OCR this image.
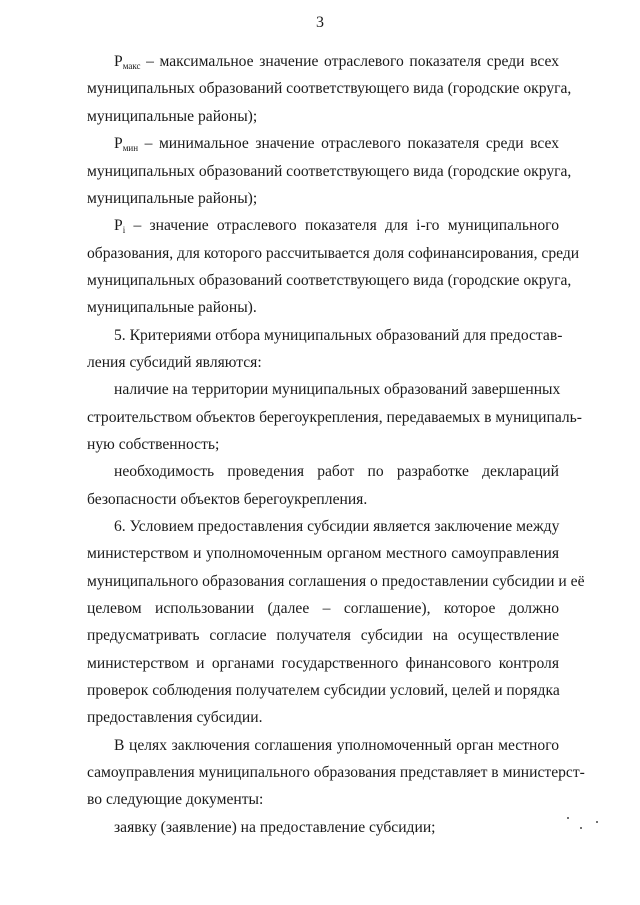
3
$P_{макс}$ – максимальное значение отраслевого показателя среди всех
муниципальных образований соответствующего вида (городские округа,
муниципальные районы);
$P_{мин}$ – минимальное значение отраслевого показателя среди всех
муниципальных образований соответствующего вида (городские округа,
муниципальные районы);
$P_i$ – значение отраслевого показателя для i-го муниципального
образования, для которого рассчитывается доля софинансирования, среди
муниципальных образований соответствующего вида (городские округа,
муниципальные районы).
5. Критериями отбора муниципальных образований для предостав-
ления субсидий являются:
наличие на территории муниципальных образований завершенных
строительством объектов берегоукрепления, передаваемых в муниципаль-
ную собственность;
необходимость проведения работ по разработке деклараций
безопасности объектов берегоукрепления.
6. Условием предоставления субсидии является заключение между
министерством и уполномоченным органом местного самоуправления
муниципального образования соглашения о предоставлении субсидии и её
целевом использовании (далее – соглашение), которое должно
предусматривать согласие получателя субсидии на осуществление
министерством и органами государственного финансового контроля
проверок соблюдения получателем субсидии условий, целей и порядка
предоставления субсидии.
В целях заключения соглашения уполномоченный орган местного
самоуправления муниципального образования представляет в министерст-
во следующие документы:
заявку (заявление) на предоставление субсидии;
